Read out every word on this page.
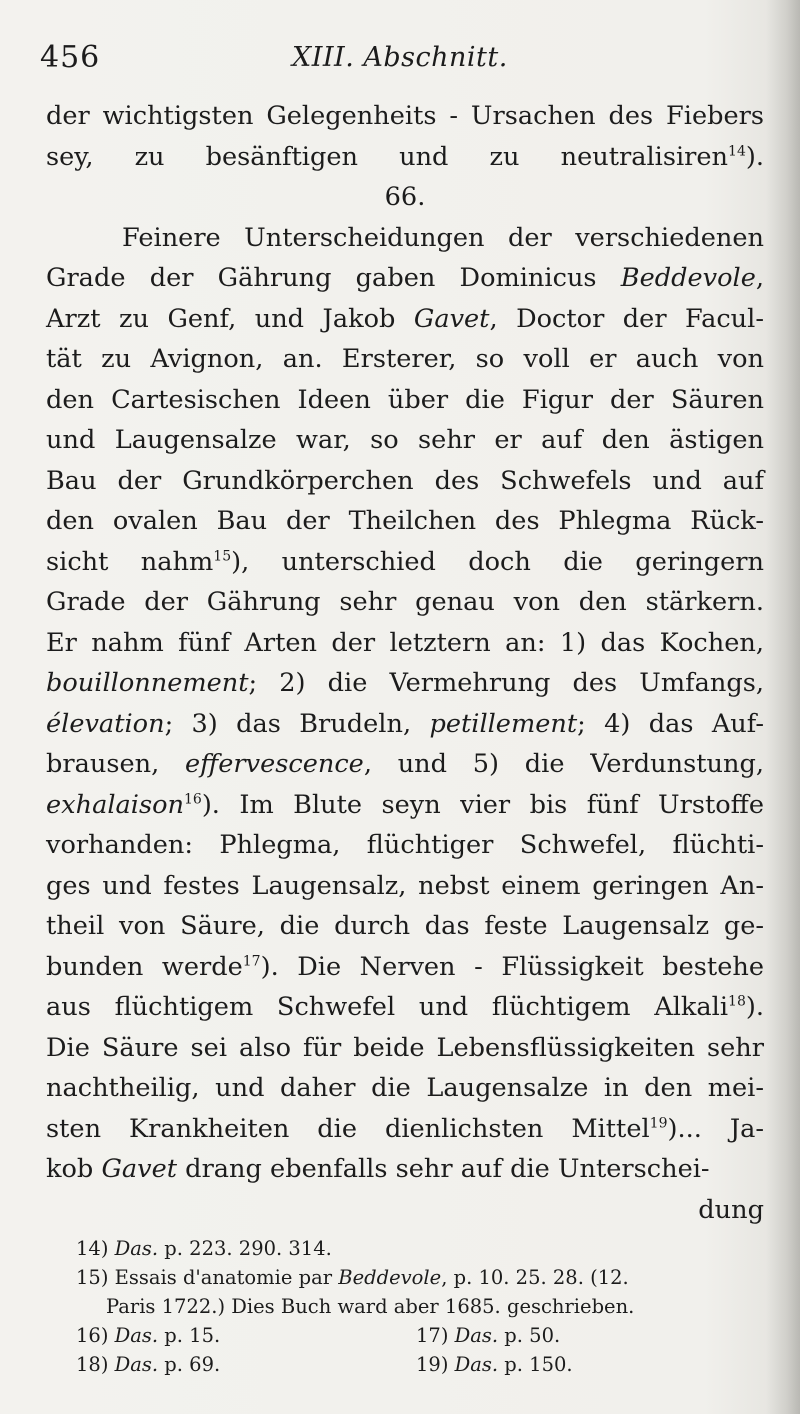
456	XIII. Abschnitt.
der wichtigsten Gelegenheits - Ursachen des Fiebers
sey, zu besänftigen und zu neutralisiren$^{14}$).
66.
Feinere Unterscheidungen der verschiedenen
Grade der Gährung gaben Dominicus Beddevole,
Arzt zu Genf, und Jakob Gavet, Doctor der Facul-
tät zu Avignon, an. Ersterer, so voll er auch von
den Cartesischen Ideen über die Figur der Säuren
und Laugensalze war, so sehr er auf den ästigen
Bau der Grundkörperchen des Schwefels und auf
den ovalen Bau der Theilchen des Phlegma Rück-
sicht nahm$^{15}$), unterschied doch die geringern
Grade der Gährung sehr genau von den stärkern.
Er nahm fünf Arten der letztern an: 1) das Kochen,
bouillonnement; 2) die Vermehrung des Umfangs,
élevation; 3) das Brudeln, petillement; 4) das Auf-
brausen, effervescence, und 5) die Verdunstung,
exhalaison$^{16}$). Im Blute seyn vier bis fünf Urstoffe
vorhanden: Phlegma, flüchtiger Schwefel, flüchti-
ges und festes Laugensalz, nebst einem geringen An-
theil von Säure, die durch das feste Laugensalz ge-
bunden werde$^{17}$). Die Nerven - Flüssigkeit bestehe
aus flüchtigem Schwefel und flüchtigem Alkali$^{18}$).
Die Säure sei also für beide Lebensflüssigkeiten sehr
nachtheilig, und daher die Laugensalze in den mei-
sten Krankheiten die dienlichsten Mittel$^{19}$)... Ja-
kob Gavet drang ebenfalls sehr auf die Unterschei-
dung
14) Das. p. 223. 290. 314.
15) Essais d'anatomie par Beddevole, p. 10. 25. 28. (12.
Paris 1722.) Dies Buch ward aber 1685. geschrieben.
16) Das. p. 15.	17) Das. p. 50.
18) Das. p. 69.	19) Das. p. 150.
